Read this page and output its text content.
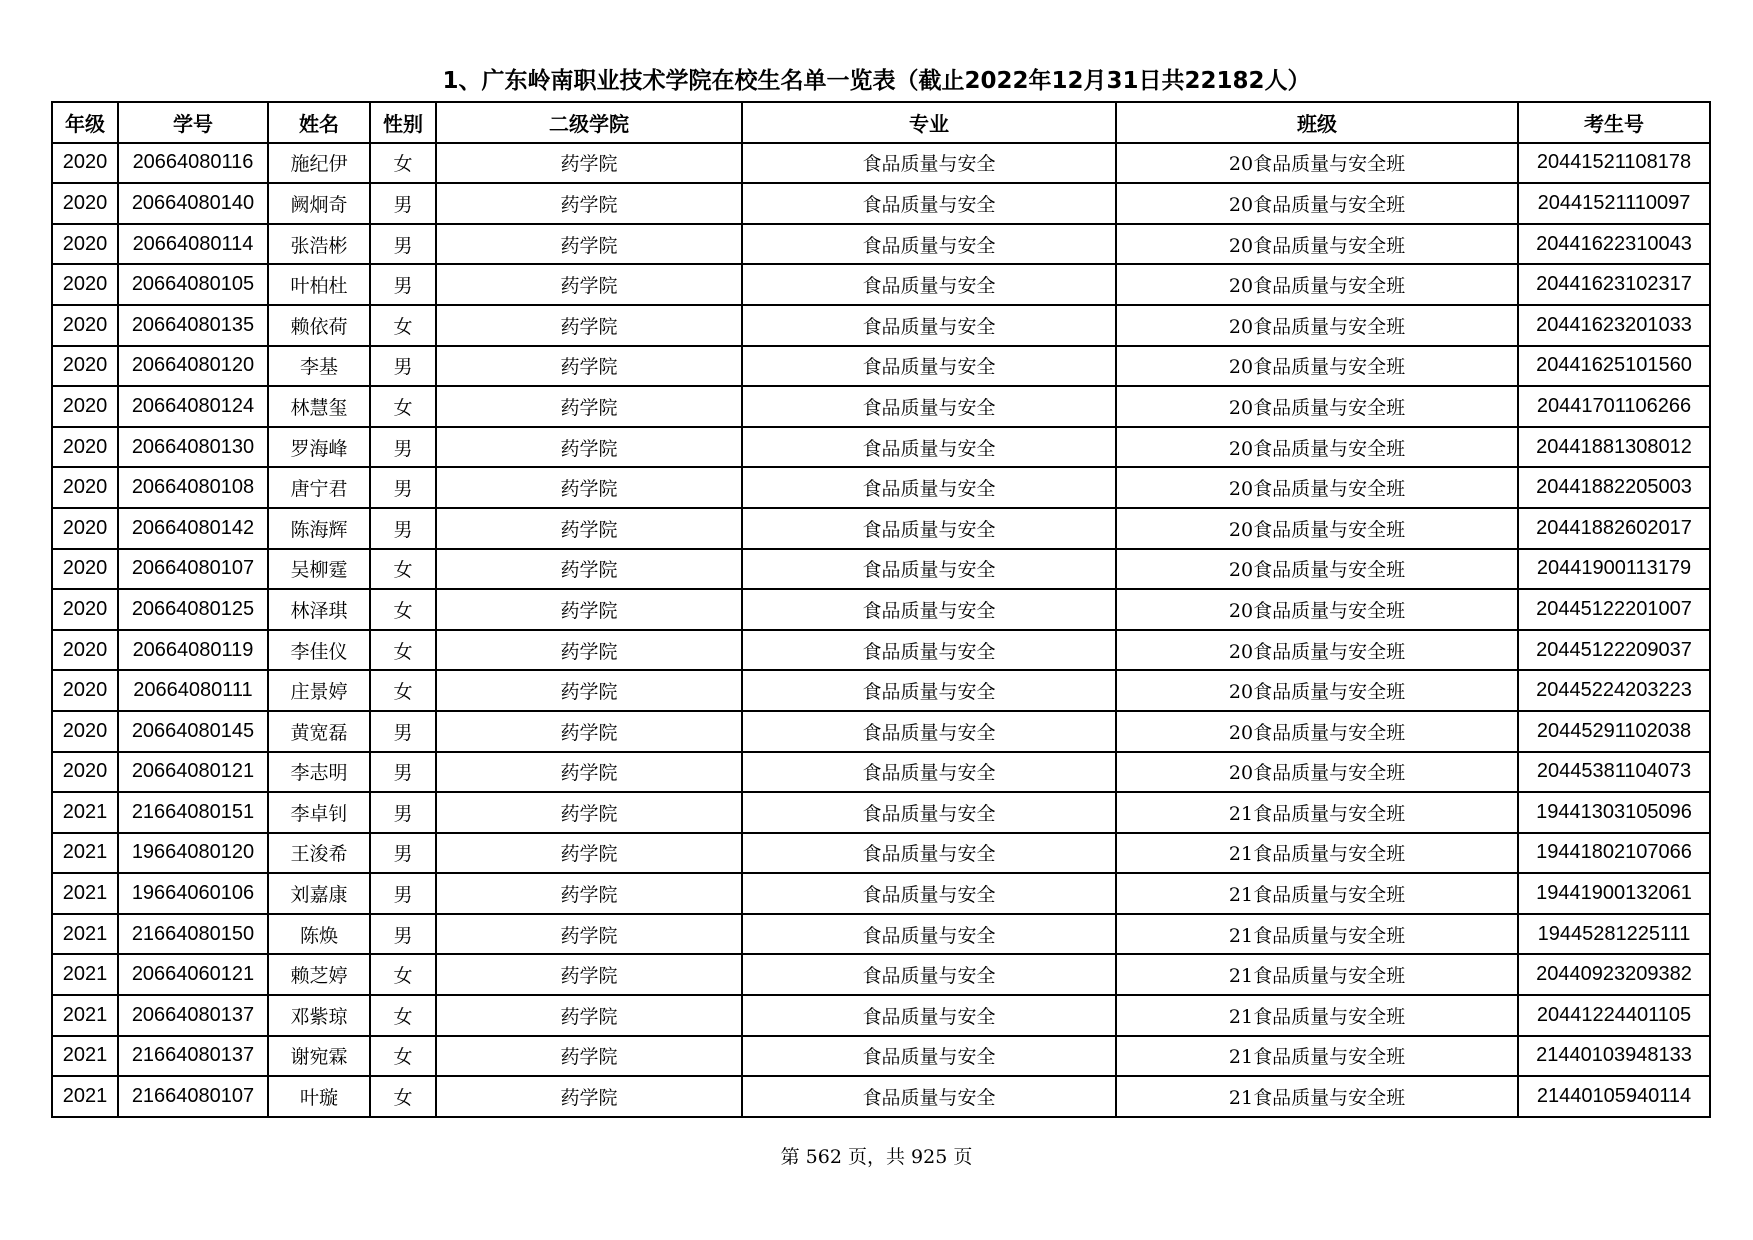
1、广东岭南职业技术学院在校生名单一览表（截止2022年12月31日共22182人）
年级	学号	姓名	性别	二级学院	专业	班级	考生号
2020	20664080116	施纪伊	女	药学院	食品质量与安全	20食品质量与安全班	20441521108178
2020	20664080140	阙炯奇	男	药学院	食品质量与安全	20食品质量与安全班	20441521110097
2020	20664080114	张浩彬	男	药学院	食品质量与安全	20食品质量与安全班	20441622310043
2020	20664080105	叶柏杜	男	药学院	食品质量与安全	20食品质量与安全班	20441623102317
2020	20664080135	赖依荷	女	药学院	食品质量与安全	20食品质量与安全班	20441623201033
2020	20664080120	李基	男	药学院	食品质量与安全	20食品质量与安全班	20441625101560
2020	20664080124	林慧玺	女	药学院	食品质量与安全	20食品质量与安全班	20441701106266
2020	20664080130	罗海峰	男	药学院	食品质量与安全	20食品质量与安全班	20441881308012
2020	20664080108	唐宁君	男	药学院	食品质量与安全	20食品质量与安全班	20441882205003
2020	20664080142	陈海辉	男	药学院	食品质量与安全	20食品质量与安全班	20441882602017
2020	20664080107	吴柳霆	女	药学院	食品质量与安全	20食品质量与安全班	20441900113179
2020	20664080125	林泽琪	女	药学院	食品质量与安全	20食品质量与安全班	20445122201007
2020	20664080119	李佳仪	女	药学院	食品质量与安全	20食品质量与安全班	20445122209037
2020	20664080111	庄景婷	女	药学院	食品质量与安全	20食品质量与安全班	20445224203223
2020	20664080145	黄宽磊	男	药学院	食品质量与安全	20食品质量与安全班	20445291102038
2020	20664080121	李志明	男	药学院	食品质量与安全	20食品质量与安全班	20445381104073
2021	21664080151	李卓钊	男	药学院	食品质量与安全	21食品质量与安全班	19441303105096
2021	19664080120	王浚希	男	药学院	食品质量与安全	21食品质量与安全班	19441802107066
2021	19664060106	刘嘉康	男	药学院	食品质量与安全	21食品质量与安全班	19441900132061
2021	21664080150	陈焕	男	药学院	食品质量与安全	21食品质量与安全班	19445281225111
2021	20664060121	赖芝婷	女	药学院	食品质量与安全	21食品质量与安全班	20440923209382
2021	20664080137	邓紫琼	女	药学院	食品质量与安全	21食品质量与安全班	20441224401105
2021	21664080137	谢宛霖	女	药学院	食品质量与安全	21食品质量与安全班	21440103948133
2021	21664080107	叶璇	女	药学院	食品质量与安全	21食品质量与安全班	21440105940114
第 562 页，共 925 页
